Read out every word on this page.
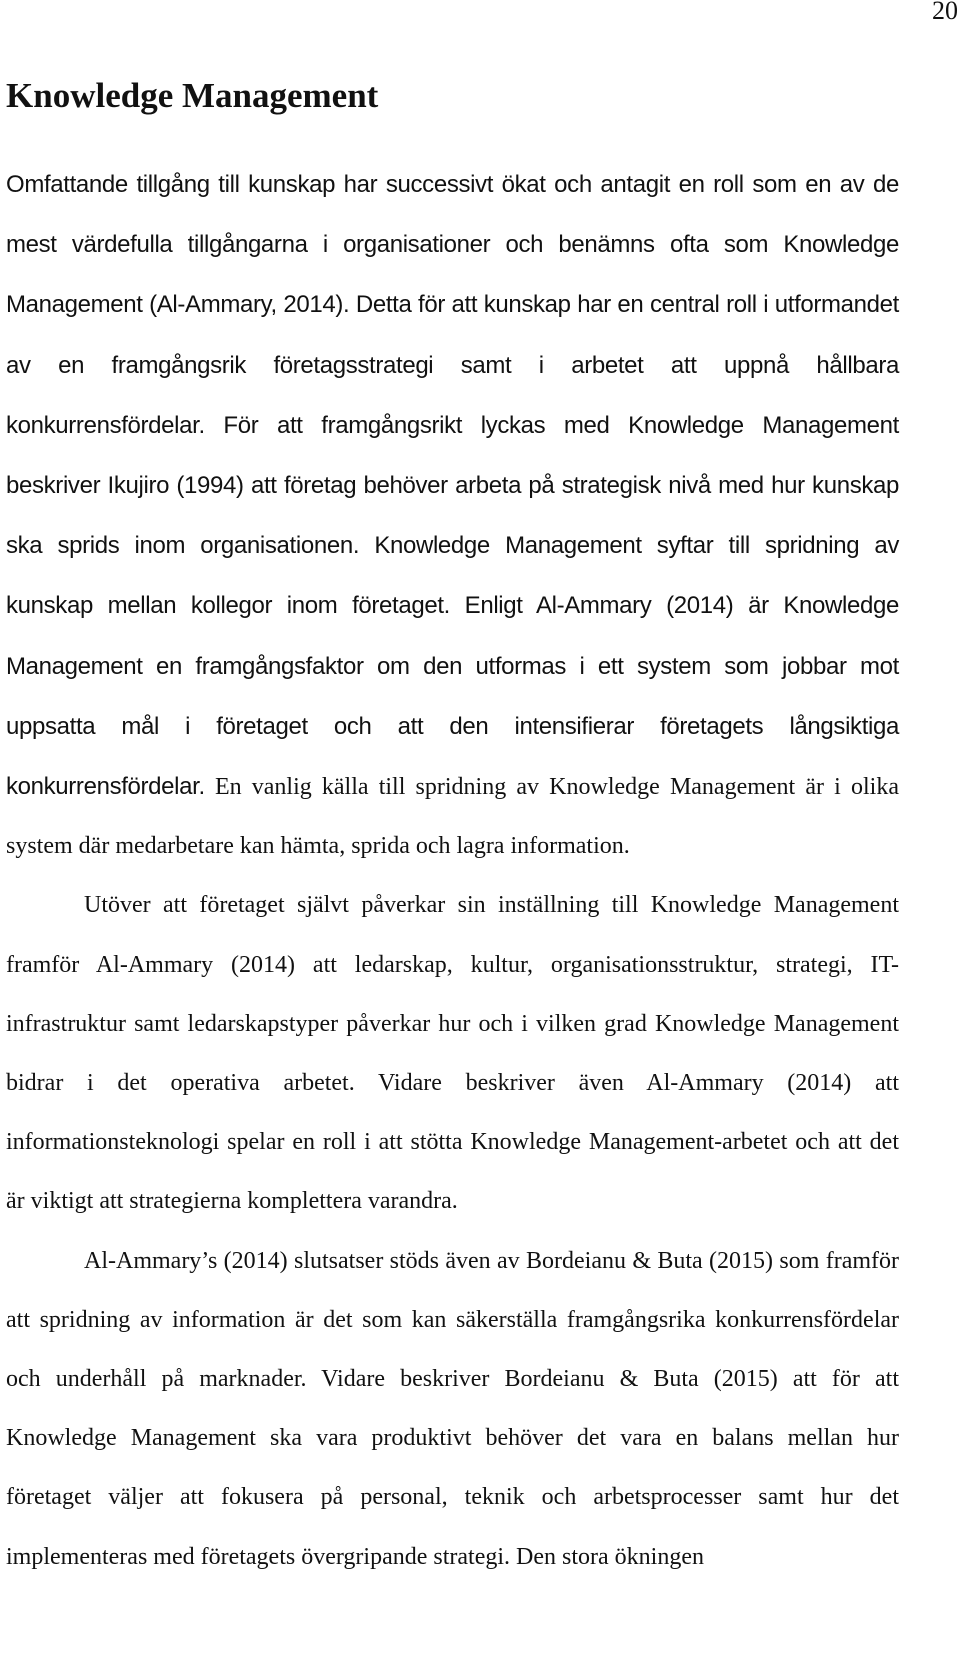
20
Knowledge Management

Omfattande tillgång till kunskap har successivt ökat och antagit en roll som en av de mest värdefulla tillgångarna i organisationer och benämns ofta som Knowledge Management (Al-Ammary, 2014). Detta för att kunskap har en central roll i utformandet av en framgångsrik företagsstrategi samt i arbetet att uppnå hållbara konkurrensfördelar. För att framgångsrikt lyckas med Knowledge Management beskriver Ikujiro (1994) att företag behöver arbeta på strategisk nivå med hur kunskap ska sprids inom organisationen. Knowledge Management syftar till spridning av kunskap mellan kollegor inom företaget. Enligt Al-Ammary (2014) är Knowledge Management en framgångsfaktor om den utformas i ett system som jobbar mot uppsatta mål i företaget och att den intensifierar företagets långsiktiga konkurrensfördelar. En vanlig källa till spridning av Knowledge Management är i olika system där medarbetare kan hämta, sprida och lagra information.

Utöver att företaget självt påverkar sin inställning till Knowledge Management framför Al-Ammary (2014) att ledarskap, kultur, organisationsstruktur, strategi, IT-infrastruktur samt ledarskapstyper påverkar hur och i vilken grad Knowledge Management bidrar i det operativa arbetet. Vidare beskriver även Al-Ammary (2014) att informationsteknologi spelar en roll i att stötta Knowledge Management-arbetet och att det är viktigt att strategierna komplettera varandra.

Al-Ammary’s (2014) slutsatser stöds även av Bordeianu & Buta (2015) som framför att spridning av information är det som kan säkerställa framgångsrika konkurrensfördelar och underhåll på marknader. Vidare beskriver Bordeianu & Buta (2015) att för att Knowledge Management ska vara produktivt behöver det vara en balans mellan hur företaget väljer att fokusera på personal, teknik och arbetsprocesser samt hur det implementeras med företagets övergripande strategi. Den stora ökningen
